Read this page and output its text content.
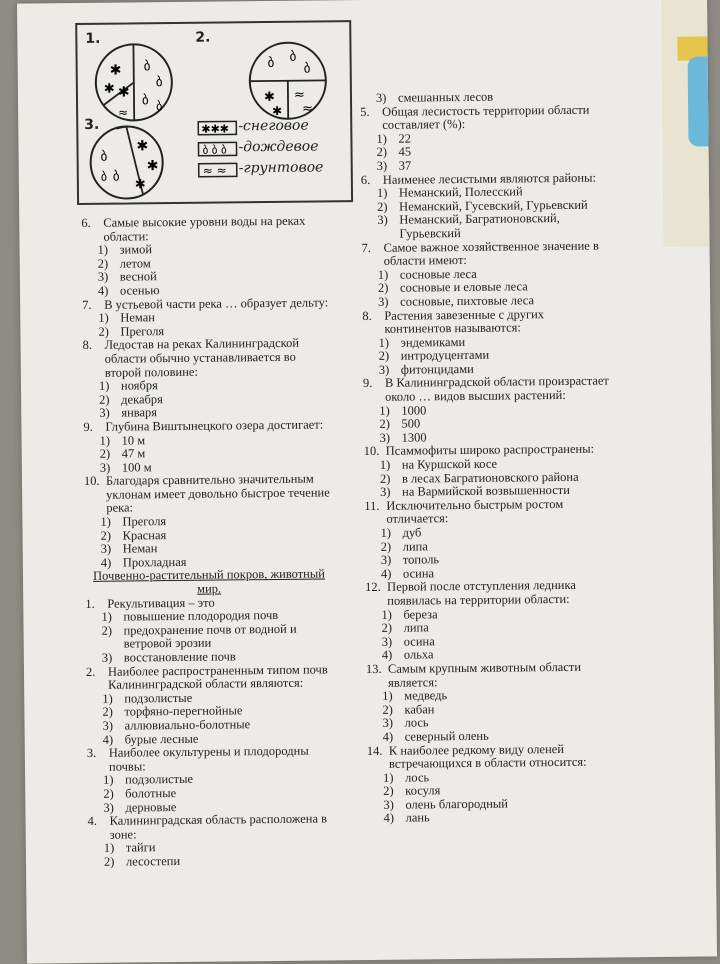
✱
✱
✱
ბ
ბ
ბ ბ
≈
ბ ბ
ბ
✱
✱
≈
≈
ბ
ბ
ბ
✱
✱
✱
✱✱✱
ბ ბ ბ
≈ ≈
1.	2.
3.	-снеговое
-дождевое
-грунтовое
6. Самые высокие уровни воды на реках области:
1) зимой
2) летом
3) весной
4) осенью
7. В устьевой части река … образует дельту:
1) Неман
2) Преголя
8. Ледостав на реках Калининградской области обычно устанавливается во второй половине:
1) ноября
2) декабря
3) января
9. Глубина Виштынецкого озера достигает:
1) 10 м
2) 47 м
3) 100 м
10. Благодаря сравнительно значительным уклонам имеет довольно быстрое течение река:
1) Преголя
2) Красная
3) Неман
4) Прохладная
Почвенно-растительный покров, животный
мир.
1. Рекультивация – это
1) повышение плодородия почв
2) предохранение почв от водной и ветровой эрозии
3) восстановление почв
2. Наиболее распространенным типом почв Калининградской области являются:
1) подзолистые
2) торфяно-перегнойные
3) аллювиально-болотные
4) бурые лесные
3. Наиболее окультурены и плодородны почвы:
1) подзолистые
2) болотные
3) дерновые
4. Калининградская область расположена в зоне:
1) тайги
2) лесостепи
3) смешанных лесов
5. Общая лесистость территории области составляет (%):
1) 22
2) 45
3) 37
6. Наименее лесистыми являются районы:
1) Неманский, Полесский
2) Неманский, Гусевский, Гурьевский
3) Неманский, Багратионовский, Гурьевский
7. Самое важное хозяйственное значение в области имеют:
1) сосновые леса
2) сосновые и еловые леса
3) сосновые, пихтовые леса
8. Растения завезенные с других континентов называются:
1) эндемиками
2) интродуцентами
3) фитонцидами
9. В Калининградской области произрастает около … видов высших растений:
1) 1000
2) 500
3) 1300
10. Псаммофиты широко распространены:
1) на Куршской косе
2) в лесах Багратионовского района
3) на Вармийской возвышенности
11. Исключительно быстрым ростом отличается:
1) дуб
2) липа
3) тополь
4) осина
12. Первой после отступления ледника появилась на территории области:
1) береза
2) липа
3) осина
4) ольха
13. Самым крупным животным области является:
1) медведь
2) кабан
3) лось
4) северный олень
14. К наиболее редкому виду оленей встречающихся в области относится:
1) лось
2) косуля
3) олень благородный
4) лань
